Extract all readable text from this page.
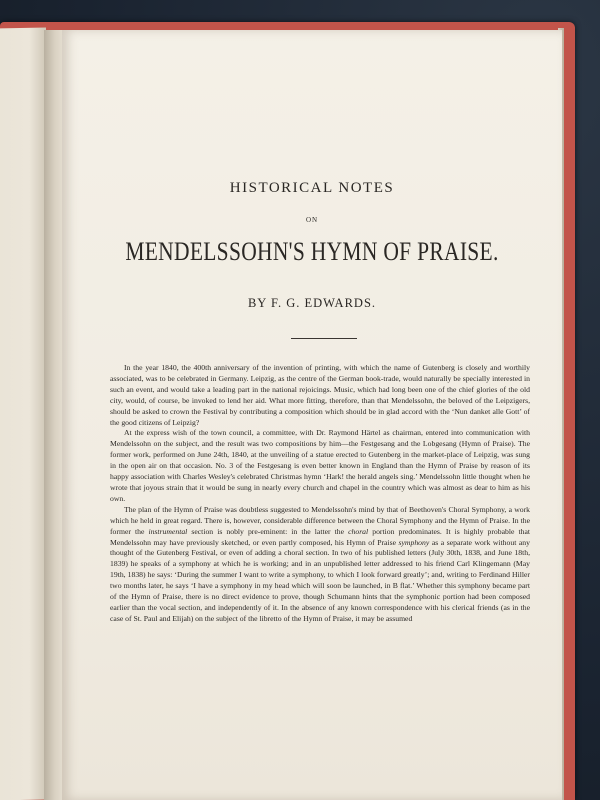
HISTORICAL NOTES
ON
MENDELSSOHN'S HYMN OF PRAISE.
BY F. G. EDWARDS.

In the year 1840, the 400th anniversary of the invention of printing, with which the name of Gutenberg is closely and worthily associated, was to be celebrated in Germany. Leipzig, as the centre of the German book-trade, would naturally be specially interested in such an event, and would take a leading part in the national rejoicings. Music, which had long been one of the chief glories of the old city, would, of course, be invoked to lend her aid. What more fitting, therefore, than that Mendelssohn, the beloved of the Leipzigers, should be asked to crown the Festival by contributing a composition which should be in glad accord with the ‘Nun danket alle Gott’ of the good citizens of Leipzig?

At the express wish of the town council, a committee, with Dr. Raymond Härtel as chairman, entered into communication with Mendelssohn on the subject, and the result was two compositions by him—the Festgesang and the Lobgesang (Hymn of Praise). The former work, performed on June 24th, 1840, at the unveiling of a statue erected to Gutenberg in the market-place of Leipzig, was sung in the open air on that occasion. No. 3 of the Festgesang is even better known in England than the Hymn of Praise by reason of its happy association with Charles Wesley's celebrated Christmas hymn ‘Hark! the herald angels sing.’ Mendelssohn little thought when he wrote that joyous strain that it would be sung in nearly every church and chapel in the country which was almost as dear to him as his own.

The plan of the Hymn of Praise was doubtless suggested to Mendelssohn's mind by that of Beethoven's Choral Symphony, a work which he held in great regard. There is, however, considerable difference between the Choral Symphony and the Hymn of Praise. In the former the instrumental section is nobly pre-eminent: in the latter the choral portion predominates. It is highly probable that Mendelssohn may have previously sketched, or even partly composed, his Hymn of Praise symphony as a separate work without any thought of the Gutenberg Festival, or even of adding a choral section. In two of his published letters (July 30th, 1838, and June 18th, 1839) he speaks of a symphony at which he is working; and in an unpublished letter addressed to his friend Carl Klingemann (May 19th, 1838) he says: ‘During the summer I want to write a symphony, to which I look forward greatly’; and, writing to Ferdinand Hiller two months later, he says ‘I have a symphony in my head which will soon be launched, in B flat.’ Whether this symphony became part of the Hymn of Praise, there is no direct evidence to prove, though Schumann hints that the symphonic portion had been composed earlier than the vocal section, and independently of it. In the absence of any known correspondence with his clerical friends (as in the case of St. Paul and Elijah) on the subject of the libretto of the Hymn of Praise, it may be assumed
